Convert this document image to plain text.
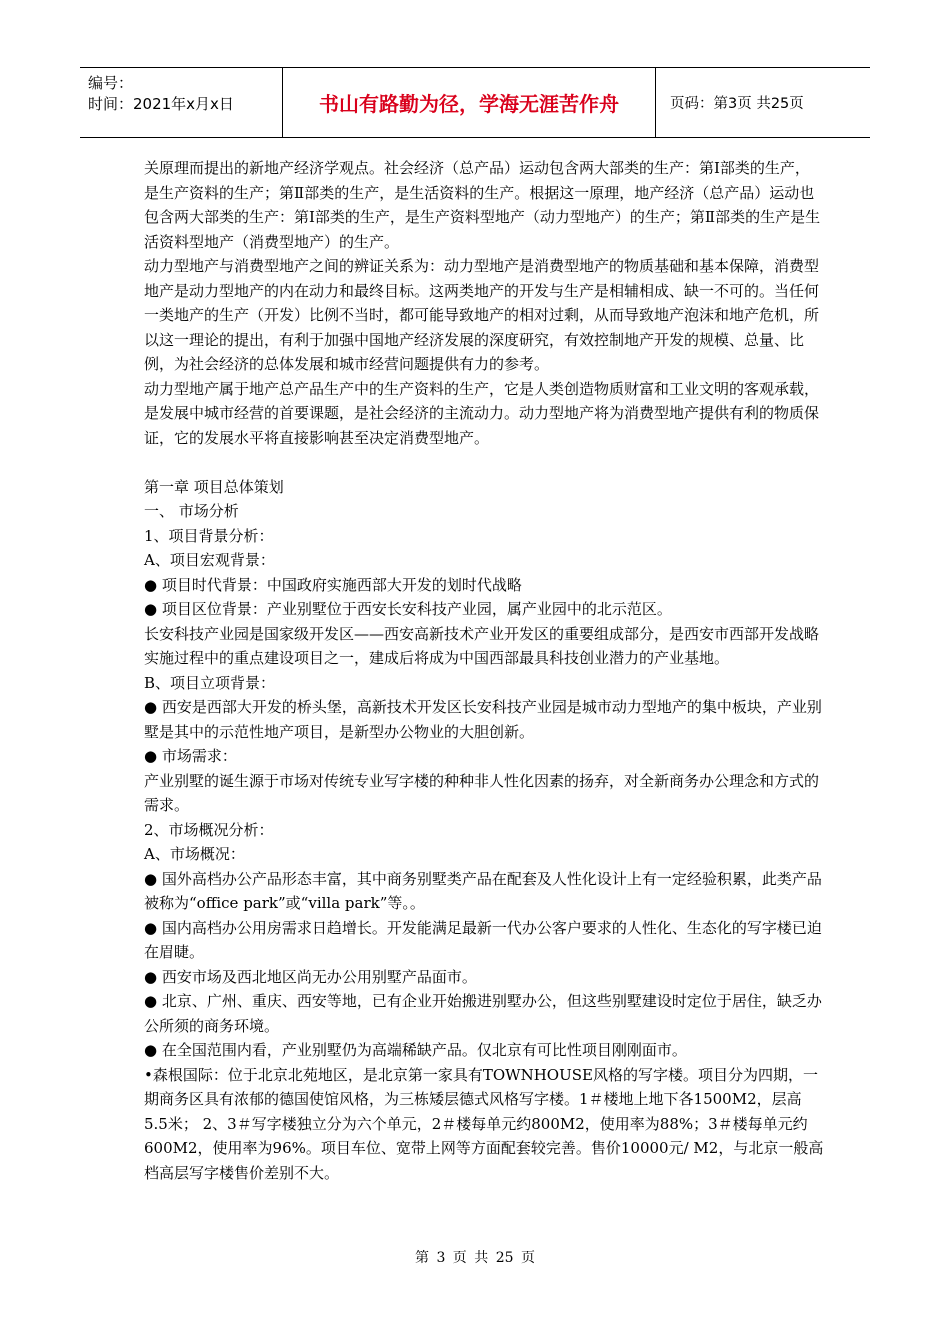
编号：
时间：2021年x月x日	书山有路勤为径，学海无涯苦作舟	页码：第3页 共25页

关原理而提出的新地产经济学观点。社会经济（总产品）运动包含两大部类的生产：第Ⅰ部类的生产，是生产资料的生产；第Ⅱ部类的生产，是生活资料的生产。根据这一原理，地产经济（总产品）运动也包含两大部类的生产：第Ⅰ部类的生产，是生产资料型地产（动力型地产）的生产；第Ⅱ部类的生产是生活资料型地产（消费型地产）的生产。

动力型地产与消费型地产之间的辨证关系为：动力型地产是消费型地产的物质基础和基本保障，消费型地产是动力型地产的内在动力和最终目标。这两类地产的开发与生产是相辅相成、缺一不可的。当任何一类地产的生产（开发）比例不当时，都可能导致地产的相对过剩，从而导致地产泡沫和地产危机，所以这一理论的提出，有利于加强中国地产经济发展的深度研究，有效控制地产开发的规模、总量、比例，为社会经济的总体发展和城市经营问题提供有力的参考。

动力型地产属于地产总产品生产中的生产资料的生产，它是人类创造物质财富和工业文明的客观承载，是发展中城市经营的首要课题，是社会经济的主流动力。动力型地产将为消费型地产提供有利的物质保证，它的发展水平将直接影响甚至决定消费型地产。

第一章 项目总体策划

一、 市场分析

1、项目背景分析：

A、项目宏观背景：

● 项目时代背景：中国政府实施西部大开发的划时代战略

● 项目区位背景：产业别墅位于西安长安科技产业园，属产业园中的北示范区。

长安科技产业园是国家级开发区——西安高新技术产业开发区的重要组成部分，是西安市西部开发战略实施过程中的重点建设项目之一，建成后将成为中国西部最具科技创业潜力的产业基地。

B、项目立项背景：

● 西安是西部大开发的桥头堡，高新技术开发区长安科技产业园是城市动力型地产的集中板块，产业别墅是其中的示范性地产项目，是新型办公物业的大胆创新。

● 市场需求：

产业别墅的诞生源于市场对传统专业写字楼的种种非人性化因素的扬弃，对全新商务办公理念和方式的需求。

2、市场概况分析：

A、市场概况：

● 国外高档办公产品形态丰富，其中商务别墅类产品在配套及人性化设计上有一定经验积累，此类产品被称为“office park”或“villa park”等。。

● 国内高档办公用房需求日趋增长。开发能满足最新一代办公客户要求的人性化、生态化的写字楼已迫在眉睫。

● 西安市场及西北地区尚无办公用别墅产品面市。

● 北京、广州、重庆、西安等地，已有企业开始搬进别墅办公，但这些别墅建设时定位于居住，缺乏办公所须的商务环境。

● 在全国范围内看，产业别墅仍为高端稀缺产品。仅北京有可比性项目刚刚面市。

•森根国际：位于北京北苑地区，是北京第一家具有TOWNHOUSE风格的写字楼。项目分为四期，一期商务区具有浓郁的德国使馆风格，为三栋矮层德式风格写字楼。1＃楼地上地下各1500M2，层高5.5米； 2、3＃写字楼独立分为六个单元，2＃楼每单元约800M2，使用率为88%；3＃楼每单元约600M2，使用率为96%。项目车位、宽带上网等方面配套较完善。售价10000元/ M2，与北京一般高档高层写字楼售价差别不大。

第 3 页 共 25 页
